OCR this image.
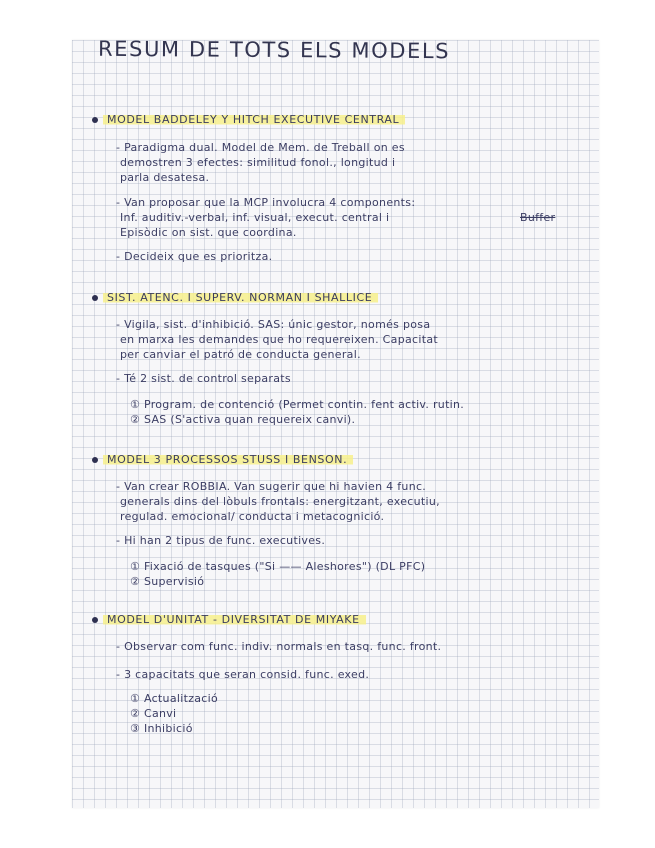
RESUM DE TOTS ELS MODELS
MODEL BADDELEY Y HITCH EXECUTIVE CENTRAL
- Paradigma dual. Model de Mem. de Treball on es
demostren 3 efectes: similitud fonol., longitud i
parla desatesa.
- Van proposar que la MCP involucra 4 components:
Inf. auditiv.-verbal, inf. visual, execut. central i	Buffer
Episòdic on sist. que coordina.
- Decideix que es prioritza.
SIST. ATENC. I SUPERV. NORMAN I SHALLICE
- Vigila, sist. d'inhibició. SAS: únic gestor, només posa
en marxa les demandes que ho requereixen. Capacitat
per canviar el patró de conducta general.
- Té 2 sist. de control separats
① Program. de contenció (Permet contin. fent activ. rutin.
② SAS (S'activa quan requereix canvi).
MODEL 3 PROCESSOS STUSS I BENSON.
- Van crear ROBBIA. Van sugerir que hi havien 4 func.
generals dins del lòbuls frontals: energitzant, executiu,
regulad. emocional/ conducta i metacognició.
- Hi han 2 tipus de func. executives.
① Fixació de tasques ("Si —— Aleshores") (DL PFC)
② Supervisió
MODEL D'UNITAT - DIVERSITAT DE MIYAKE
- Observar com func. indiv. normals en tasq. func. front.
- 3 capacitats que seran consid. func. exed.
① Actualització
② Canvi
③ Inhibició
